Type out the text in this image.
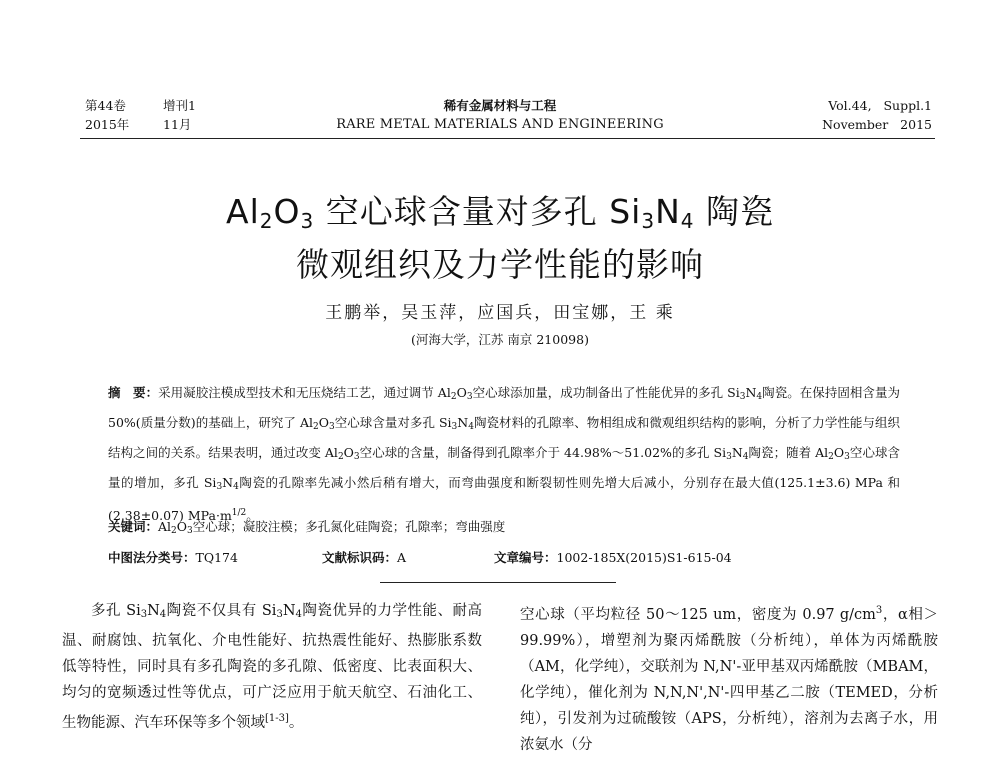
第44卷	增刊1
2015年	11月
稀有金属材料与工程
RARE METAL MATERIALS AND ENGINEERING
Vol.44,   Suppl.1
November   2015
$Al_2O_3$ 空心球含量对多孔 $Si_3N_4$ 陶瓷
微观组织及力学性能的影响
王鹏举，吴玉萍，应国兵，田宝娜，王 乘
(河海大学，江苏 南京 210098)
摘　要：采用凝胶注模成型技术和无压烧结工艺，通过调节 $Al_2O_3$空心球添加量，成功制备出了性能优异的多孔 $Si_3N_4$陶瓷。在保持固相含量为 50%(质量分数)的基础上，研究了 $Al_2O_3$空心球含量对多孔 $Si_3N_4$陶瓷材料的孔隙率、物相组成和微观组织结构的影响，分析了力学性能与组织结构之间的关系。结果表明，通过改变 $Al_2O_3$空心球的含量，制备得到孔隙率介于 44.98%～51.02%的多孔 $Si_3N_4$陶瓷；随着 $Al_2O_3$空心球含量的增加，多孔 $Si_3N_4$陶瓷的孔隙率先减小然后稍有增大，而弯曲强度和断裂韧性则先增大后减小，分别存在最大值(125.1±3.6) MPa 和(2.38±0.07) $MPa\cdot m^{1/2}$。
关键词：$Al_2O_3$空心球；凝胶注模；多孔氮化硅陶瓷；孔隙率；弯曲强度
中图法分类号：TQ174	文献标识码：A	文章编号：1002-185X(2015)S1-615-04
多孔 $Si_3N_4$陶瓷不仅具有 $Si_3N_4$陶瓷优异的力学性能、耐高温、耐腐蚀、抗氧化、介电性能好、抗热震性能好、热膨胀系数低等特性，同时具有多孔陶瓷的多孔隙、低密度、比表面积大、均匀的宽频透过性等优点，可广泛应用于航天航空、石油化工、生物能源、汽车环保等多个领域[1-3]。
空心球（平均粒径 50～125 um，密度为 0.97 $g/cm^3$，α相＞99.99%），增塑剂为聚丙烯酰胺（分析纯），单体为丙烯酰胺（AM，化学纯），交联剂为 N,N'-亚甲基双丙烯酰胺（MBAM，化学纯），催化剂为 N,N,N',N'-四甲基乙二胺（TEMED，分析纯），引发剂为过硫酸铵（APS，分析纯），溶剂为去离子水，用浓氨水（分
